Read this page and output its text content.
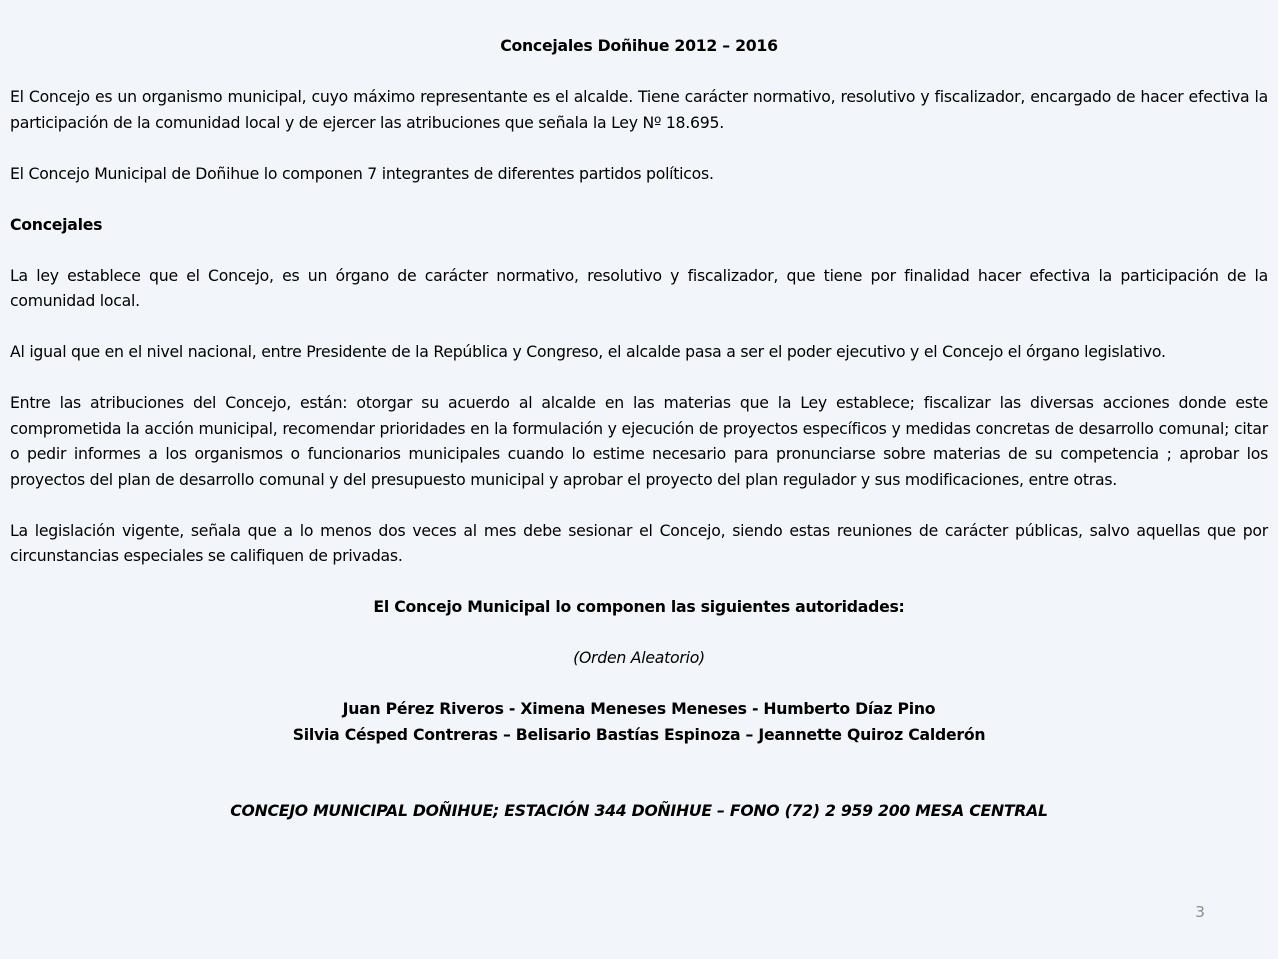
Concejales Doñihue 2012 – 2016

El Concejo es un organismo municipal, cuyo máximo representante es el alcalde. Tiene carácter normativo, resolutivo y fiscalizador, encargado de hacer efectiva la participación de la comunidad local y de ejercer las atribuciones que señala la Ley Nº 18.695.

El Concejo Municipal de Doñihue lo componen 7 integrantes de diferentes partidos políticos.

Concejales

La ley establece que el Concejo, es un órgano de carácter normativo, resolutivo y fiscalizador, que tiene por finalidad hacer efectiva la participación de la comunidad local.

Al igual que en el nivel nacional, entre Presidente de la República y Congreso, el alcalde pasa a ser el poder ejecutivo y el Concejo el órgano legislativo.

Entre las atribuciones del Concejo, están: otorgar su acuerdo al alcalde en las materias que la Ley establece; fiscalizar las diversas acciones donde este comprometida la acción municipal, recomendar prioridades en la formulación y ejecución de proyectos específicos y medidas concretas de desarrollo comunal; citar o pedir informes a los organismos o funcionarios municipales cuando lo estime necesario para pronunciarse sobre materias de su competencia ; aprobar los proyectos del plan de desarrollo comunal y del presupuesto municipal y aprobar el proyecto del plan regulador y sus modificaciones, entre otras.

La legislación vigente, señala que a lo menos dos veces al mes debe sesionar el Concejo, siendo estas reuniones de carácter públicas, salvo aquellas que por circunstancias especiales se califiquen de privadas.

El Concejo Municipal lo componen las siguientes autoridades:

(Orden Aleatorio)

Juan Pérez Riveros - Ximena Meneses Meneses - Humberto Díaz Pino

Silvia Césped Contreras – Belisario Bastías Espinoza – Jeannette Quiroz Calderón

CONCEJO MUNICIPAL DOÑIHUE; ESTACIÓN 344 DOÑIHUE – FONO (72) 2 959 200 MESA CENTRAL

3
